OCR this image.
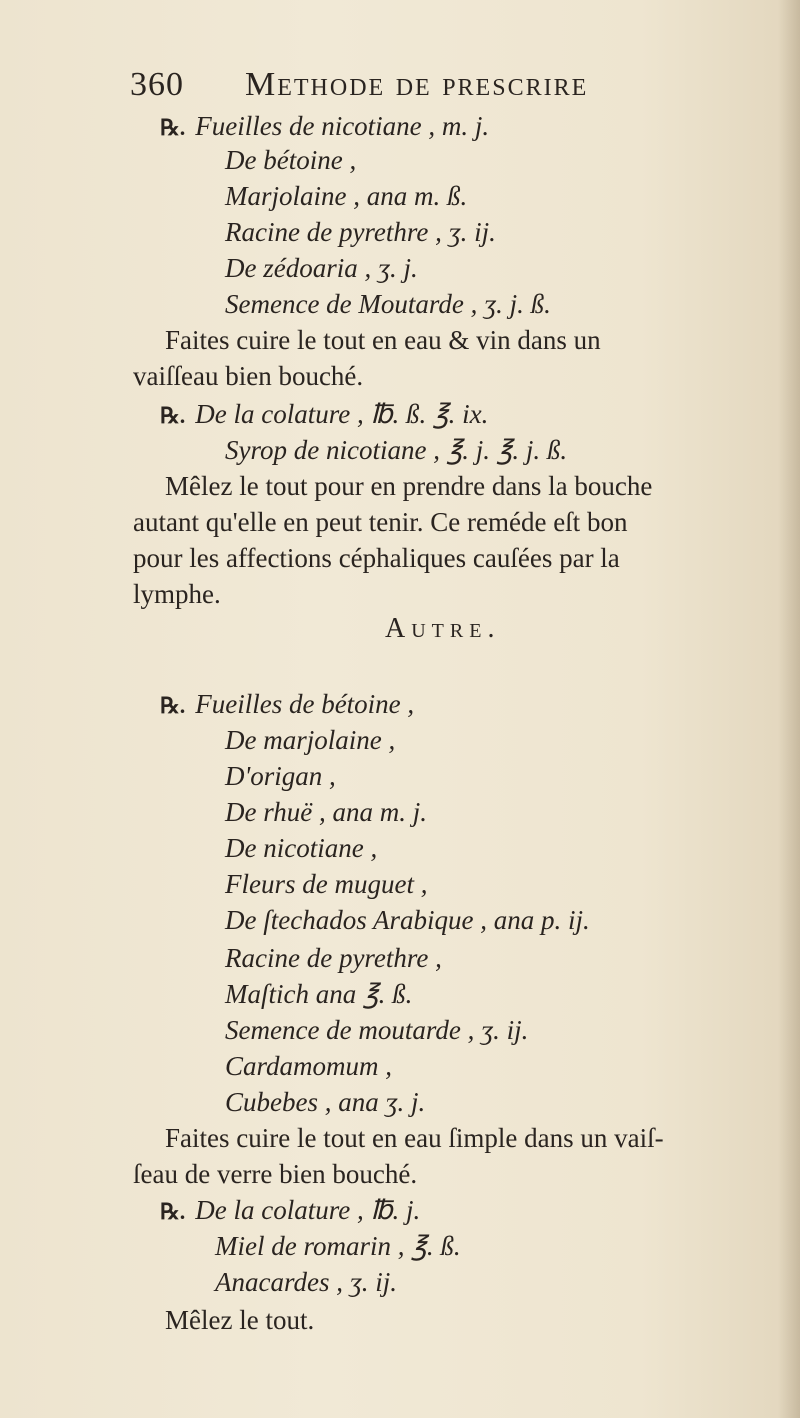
360 Methode de prescrire
℞. Fueilles de nicotiane , m. j.
De bétoine ,
Marjolaine , ana m. ß.
Racine de pyrethre , ʒ. ij.
De zédoaria , ʒ. j.
Semence de Moutarde , ʒ. j. ß.
Faites cuire le tout en eau & vin dans un
vaiſſeau bien bouché.
℞. De la colature , ℔. ß. ℥. ix.
Syrop de nicotiane , ℥. j. ℥. j. ß.
Mêlez le tout pour en prendre dans la bouche
autant qu'elle en peut tenir. Ce reméde eſt bon
pour les affections céphaliques cauſées par la
lymphe.
Autre.
℞. Fueilles de bétoine ,
De marjolaine ,
D'origan ,
De rhuë , ana m. j.
De nicotiane ,
Fleurs de muguet ,
De ſtechados Arabique , ana p. ij.
Racine de pyrethre ,
Maſtich ana ℥. ß.
Semence de moutarde , ʒ. ij.
Cardamomum ,
Cubebes , ana ʒ. j.
Faites cuire le tout en eau ſimple dans un vaiſ-
ſeau de verre bien bouché.
℞. De la colature , ℔. j.
Miel de romarin , ℥. ß.
Anacardes , ʒ. ij.
Mêlez le tout.
